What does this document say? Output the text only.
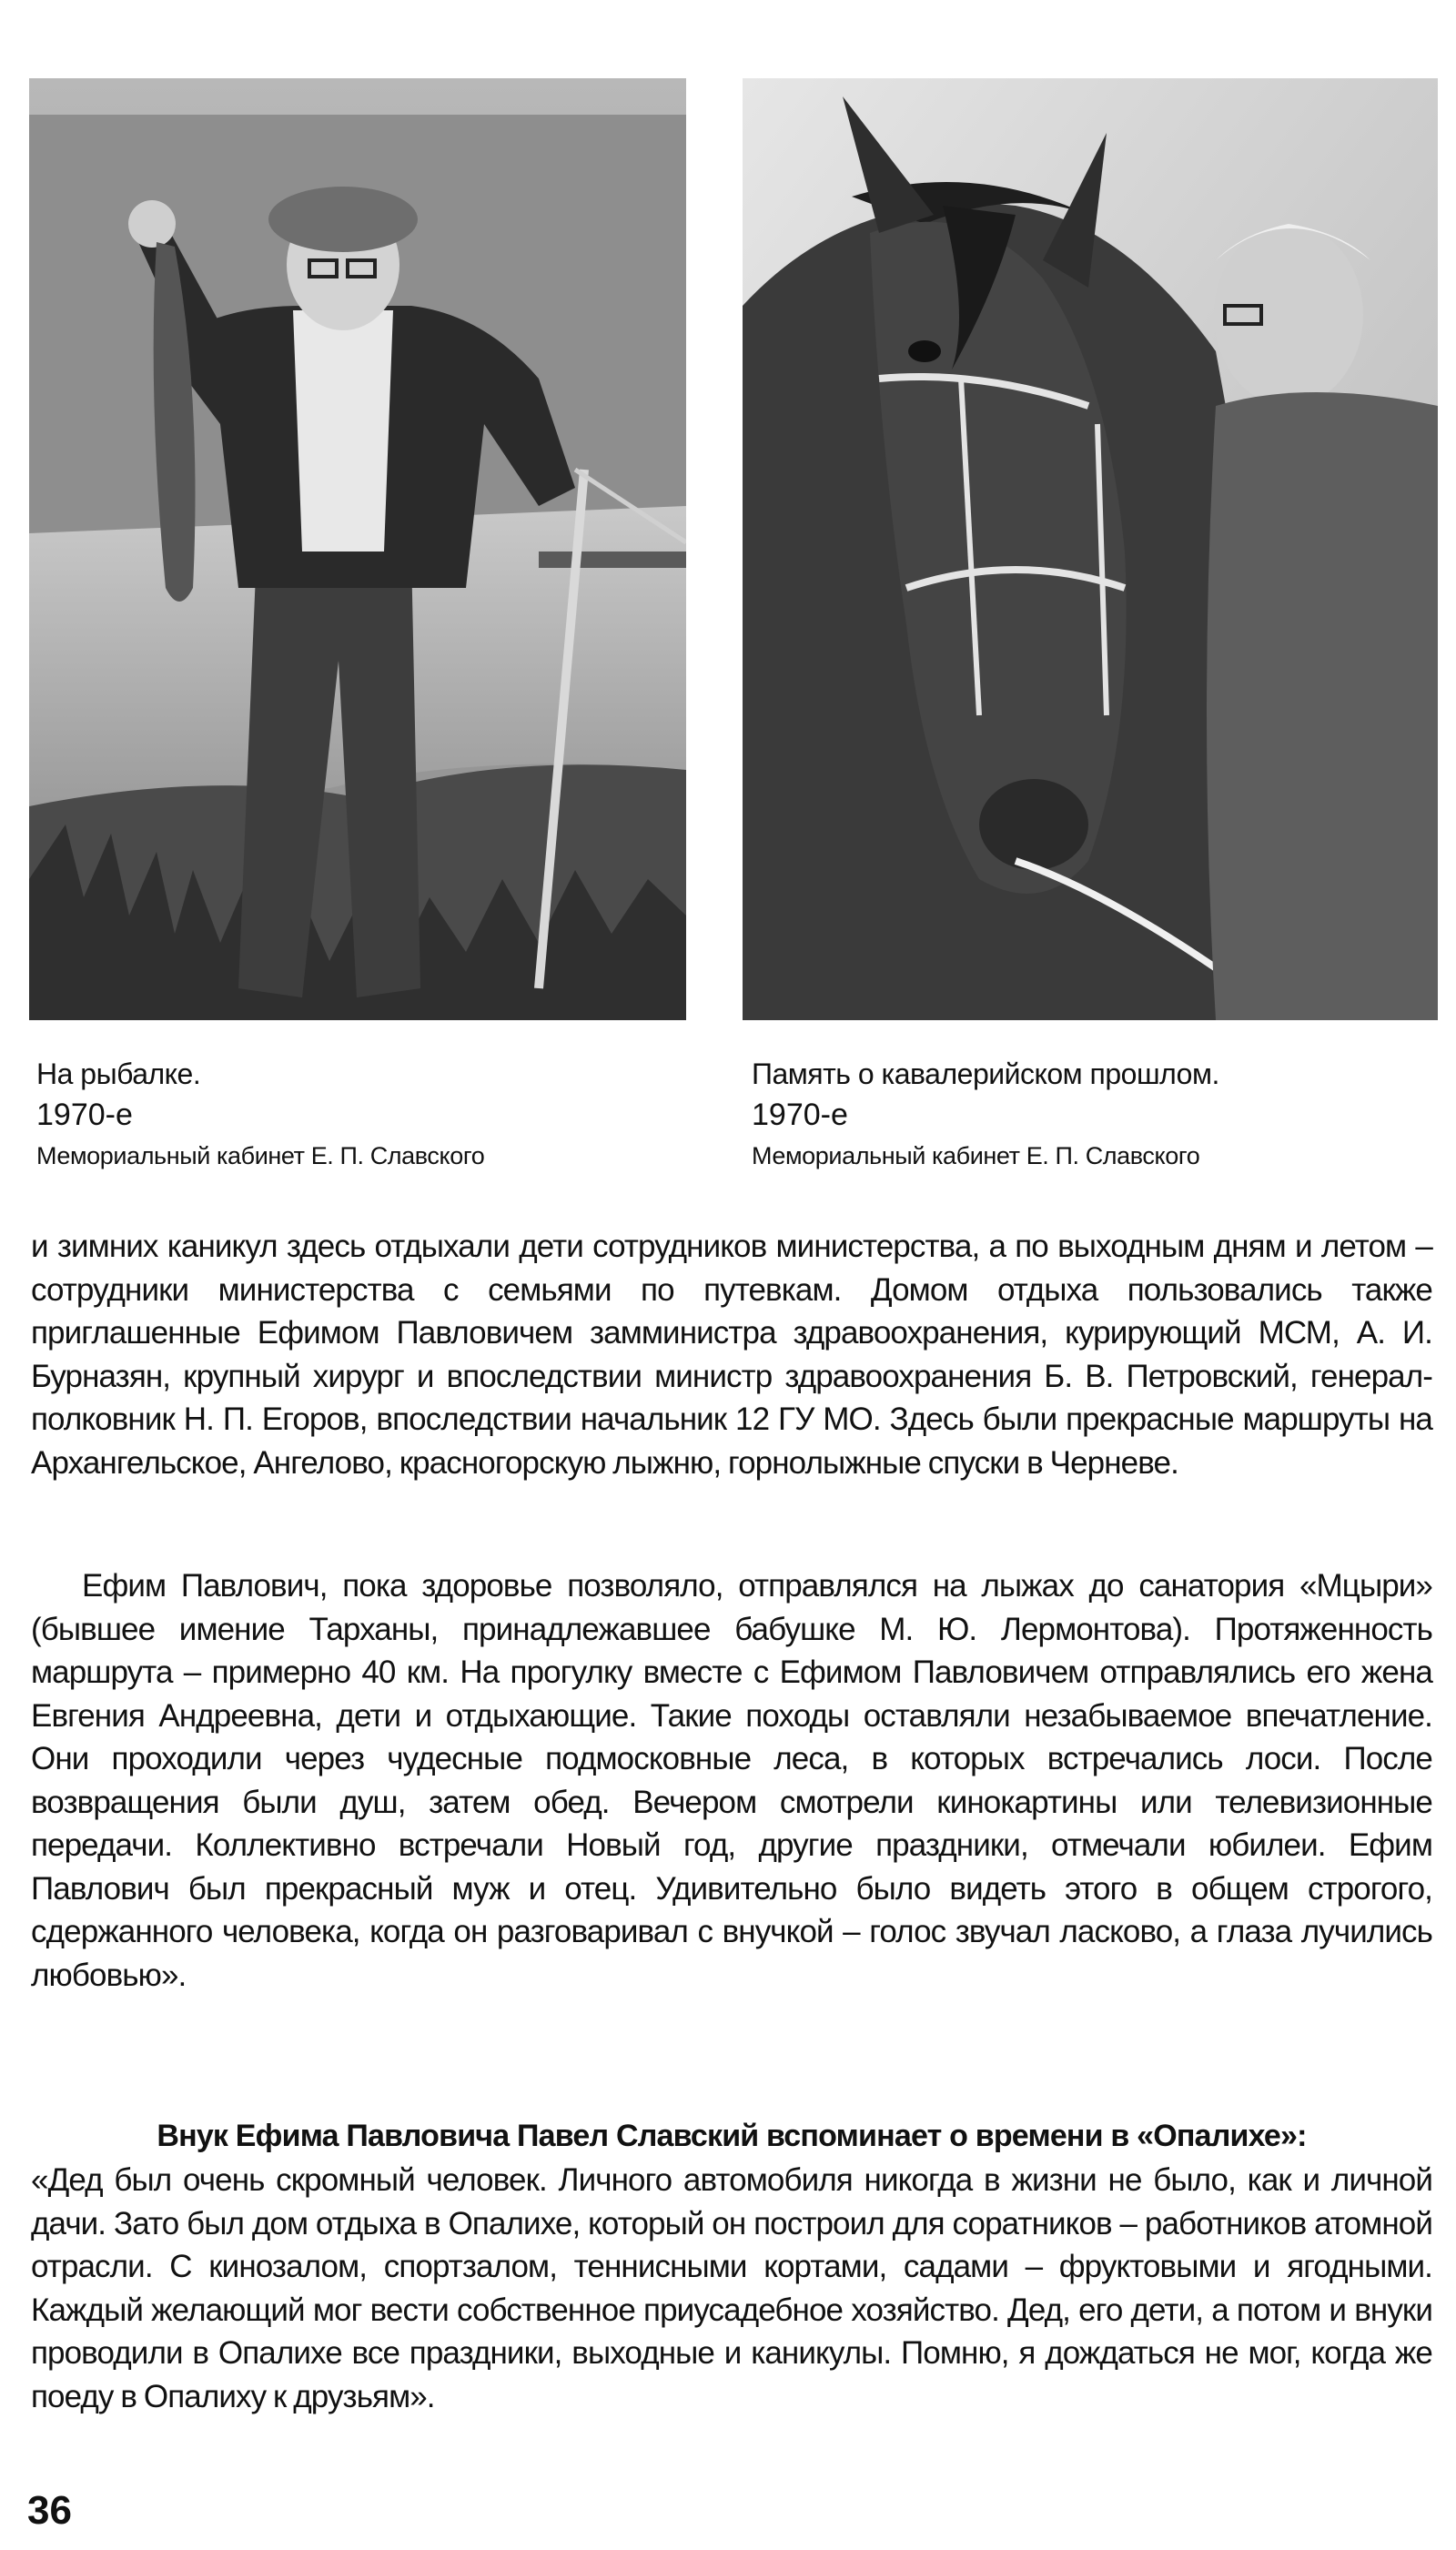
На рыбалке.
1970-е
Мемориальный кабинет Е. П. Славского
Память о кавалерийском прошлом.
1970-е
Мемориальный кабинет Е. П. Славского

и зимних каникул здесь отдыхали дети сотрудников министерства, а по выходным дням и летом – сотрудники министерства с семьями по путевкам. Домом отдыха пользовались также приглашенные Ефимом Павловичем замминистра здравоохранения, курирующий МСМ, А. И. Бурназян, крупный хирург и впоследствии министр здравоохранения Б. В. Петровский, генерал-полковник Н. П. Егоров, впоследствии начальник 12 ГУ МО. Здесь были прекрасные маршруты на Архангельское, Ангелово, красногорскую лыжню, горнолыжные спуски в Черневе.

Ефим Павлович, пока здоровье позволяло, отправлялся на лыжах до санатория «Мцыри» (бывшее имение Тарханы, принадлежавшее бабушке М. Ю. Лермонтова). Протяженность маршрута – примерно 40 км. На прогулку вместе с Ефимом Павловичем отправлялись его жена Евгения Андреевна, дети и отдыхающие. Такие походы оставляли незабываемое впечатление. Они проходили через чудесные подмосковные леса, в которых встречались лоси. После возвращения были душ, затем обед. Вечером смотрели кинокартины или телевизионные передачи. Коллективно встречали Новый год, другие праздники, отмечали юбилеи. Ефим Павлович был прекрасный муж и отец. Удивительно было видеть этого в общем строгого, сдержанного человека, когда он разговаривал с внучкой – голос звучал ласково, а глаза лучились любовью».

Внук Ефима Павловича Павел Славский вспоминает о времени в «Опалихе»:

«Дед был очень скромный человек. Личного автомобиля никогда в жизни не было, как и личной дачи. Зато был дом отдыха в Опалихе, который он построил для соратников – работников атомной отрасли. С кинозалом, спортзалом, теннисными кортами, садами – фруктовыми и ягодными. Каждый желающий мог вести собственное приусадебное хозяйство. Дед, его дети, а потом и внуки проводили в Опалихе все праздники, выходные и каникулы. Помню, я дождаться не мог, когда же поеду в Опалиху к друзьям».

36
